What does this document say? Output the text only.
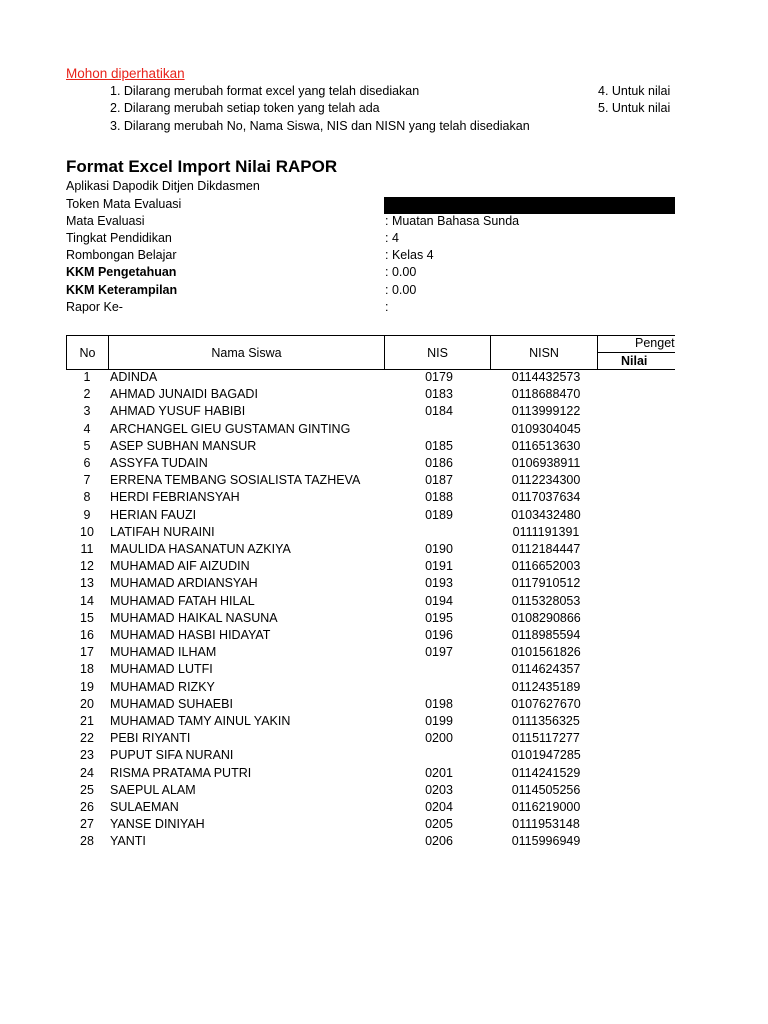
Mohon diperhatikan
1. Dilarang merubah format excel yang telah disediakan
2. Dilarang merubah setiap token yang telah ada
3. Dilarang merubah No, Nama Siswa, NIS dan NISN yang telah disediakan
4. Untuk nilai
5. Untuk nilai
Format Excel Import Nilai RAPOR
Aplikasi Dapodik Ditjen Dikdasmen
Token Mata Evaluasi
Mata Evaluasi	: Muatan Bahasa Sunda
Tingkat Pendidikan	: 4
Rombongan Belajar	: Kelas 4
KKM Pengetahuan	: 0.00
KKM Keterampilan	: 0.00
Rapor Ke-	:
No	Nama Siswa	NIS	NISN
Penget
Nilai
1	ADINDA	0179	0114432573
2	AHMAD JUNAIDI BAGADI	0183	0118688470
3	AHMAD YUSUF HABIBI	0184	0113999122
4	ARCHANGEL GIEU GUSTAMAN GINTING		0109304045
5	ASEP SUBHAN MANSUR	0185	0116513630
6	ASSYFA TUDAIN	0186	0106938911
7	ERRENA TEMBANG SOSIALISTA TAZHEVA	0187	0112234300
8	HERDI FEBRIANSYAH	0188	0117037634
9	HERIAN FAUZI	0189	0103432480
10	LATIFAH NURAINI		0111191391
11	MAULIDA HASANATUN AZKIYA	0190	0112184447
12	MUHAMAD AIF AIZUDIN	0191	0116652003
13	MUHAMAD ARDIANSYAH	0193	0117910512
14	MUHAMAD FATAH HILAL	0194	0115328053
15	MUHAMAD HAIKAL NASUNA	0195	0108290866
16	MUHAMAD HASBI HIDAYAT	0196	0118985594
17	MUHAMAD ILHAM	0197	0101561826
18	MUHAMAD LUTFI		0114624357
19	MUHAMAD RIZKY		0112435189
20	MUHAMAD SUHAEBI	0198	0107627670
21	MUHAMAD TAMY AINUL YAKIN	0199	0111356325
22	PEBI RIYANTI	0200	0115117277
23	PUPUT SIFA NURANI		0101947285
24	RISMA PRATAMA PUTRI	0201	0114241529
25	SAEPUL ALAM	0203	0114505256
26	SULAEMAN	0204	0116219000
27	YANSE DINIYAH	0205	0111953148
28	YANTI	0206	0115996949
